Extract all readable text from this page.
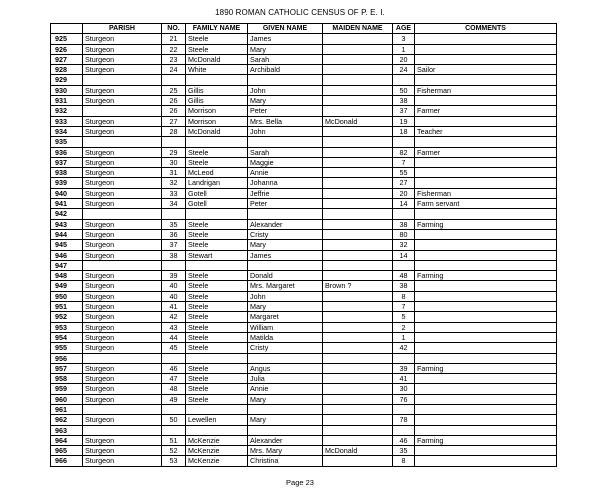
1890 ROMAN CATHOLIC CENSUS OF P. E. I.
	PARISH	NO.	FAMILY NAME	GIVEN NAME	MAIDEN NAME	AGE	COMMENTS
925	Sturgeon	21	Steele	James		3	
926	Sturgeon	22	Steele	Mary		1	
927	Sturgeon	23	McDonald	Sarah		20	
928	Sturgeon	24	White	Archibald		24	Sailor
929							
930	Sturgeon	25	Gillis	John		50	Fisherman
931	Sturgeon	26	Gillis	Mary		38	
932		26	Morrison	Peter		37	Farmer
933	Sturgeon	27	Morrison	Mrs. Bella	McDonald	19	
934	Sturgeon	28	McDonald	John		18	Teacher
935							
936	Sturgeon	29	Steele	Sarah		82	Farmer
937	Sturgeon	30	Steele	Maggie		7	
938	Sturgeon	31	McLeod	Annie		55	
939	Sturgeon	32	Landrigan	Johanna		27	
940	Sturgeon	33	Gotell	Jeffrie		20	Fisherman
941	Sturgeon	34	Gotell	Peter		14	Farm servant
942							
943	Sturgeon	35	Steele	Alexander		38	Farming
944	Sturgeon	36	Steele	Cristy		80	
945	Sturgeon	37	Steele	Mary		32	
946	Sturgeon	38	Stewart	James		14	
947							
948	Sturgeon	39	Steele	Donald		48	Farming
949	Sturgeon	40	Steele	Mrs. Margaret	Brown ?	38	
950	Sturgeon	40	Steele	John		8	
951	Sturgeon	41	Steele	Mary		7	
952	Sturgeon	42	Steele	Margaret		5	
953	Sturgeon	43	Steele	William		2	
954	Sturgeon	44	Steele	Matilda		1	
955	Sturgeon	45	Steele	Cristy		42	
956							
957	Sturgeon	46	Steele	Angus		39	Farming
958	Sturgeon	47	Steele	Julia		41	
959	Sturgeon	48	Steele	Annie		30	
960	Sturgeon	49	Steele	Mary		76	
961							
962	Sturgeon	50	Lewellen	Mary		78	
963							
964	Sturgeon	51	McKenzie	Alexander		46	Farming
965	Sturgeon	52	McKenzie	Mrs. Mary	McDonald	35	
966	Sturgeon	53	McKenzie	Christina		8	
Page 23
